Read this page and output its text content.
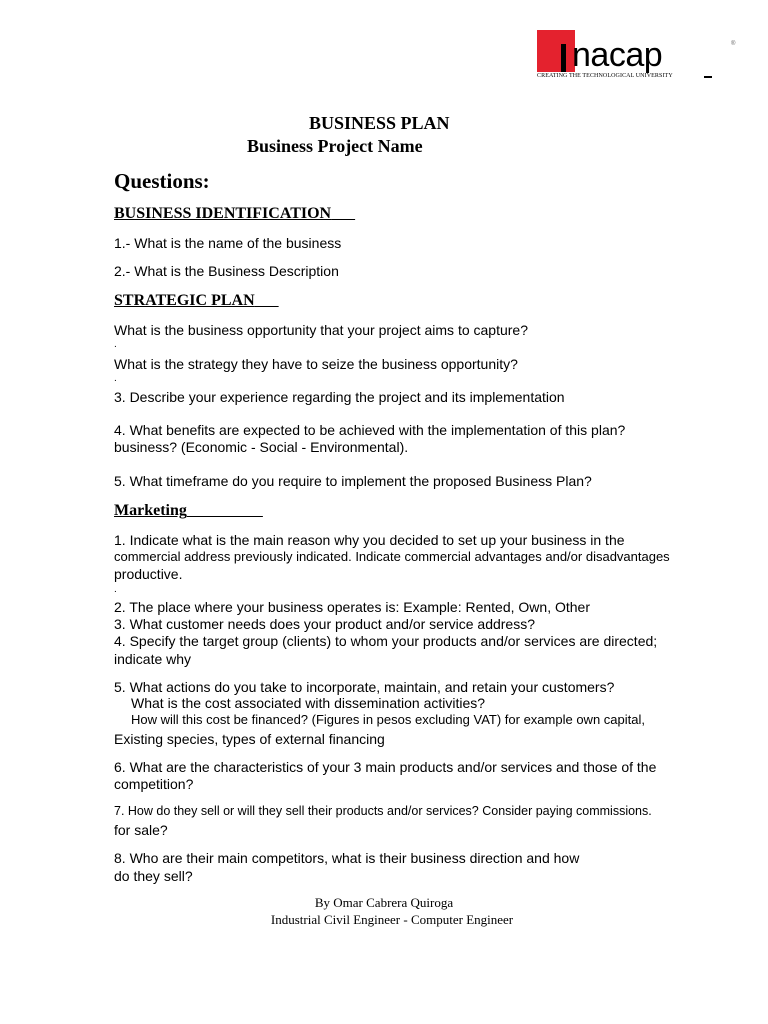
nacap
CREATING THE TECHNOLOGICAL UNIVERSITY
®
BUSINESS PLAN
Business Project Name
Questions:
BUSINESS IDENTIFICATION
1.- What is the name of the business
2.- What is the Business Description
STRATEGIC PLAN
What is the business opportunity that your project aims to capture?
.
What is the strategy they have to seize the business opportunity?
.
3. Describe your experience regarding the project and its implementation
4. What benefits are expected to be achieved with the implementation of this plan?
business? (Economic - Social - Environmental).
5. What timeframe do you require to implement the proposed Business Plan?
Marketing
1. Indicate what is the main reason why you decided to set up your business in the
commercial address previously indicated. Indicate commercial advantages and/or disadvantages
productive.
.
2. The place where your business operates is: Example: Rented, Own, Other
3. What customer needs does your product and/or service address?
4. Specify the target group (clients) to whom your products and/or services are directed;
indicate why
5. What actions do you take to incorporate, maintain, and retain your customers?
What is the cost associated with dissemination activities?
How will this cost be financed? (Figures in pesos excluding VAT) for example own capital,
Existing species, types of external financing
6. What are the characteristics of your 3 main products and/or services and those of the
competition?
7. How do they sell or will they sell their products and/or services? Consider paying commissions.
for sale?
8. Who are their main competitors, what is their business direction and how
do they sell?
By Omar Cabrera Quiroga
Industrial Civil Engineer - Computer Engineer
